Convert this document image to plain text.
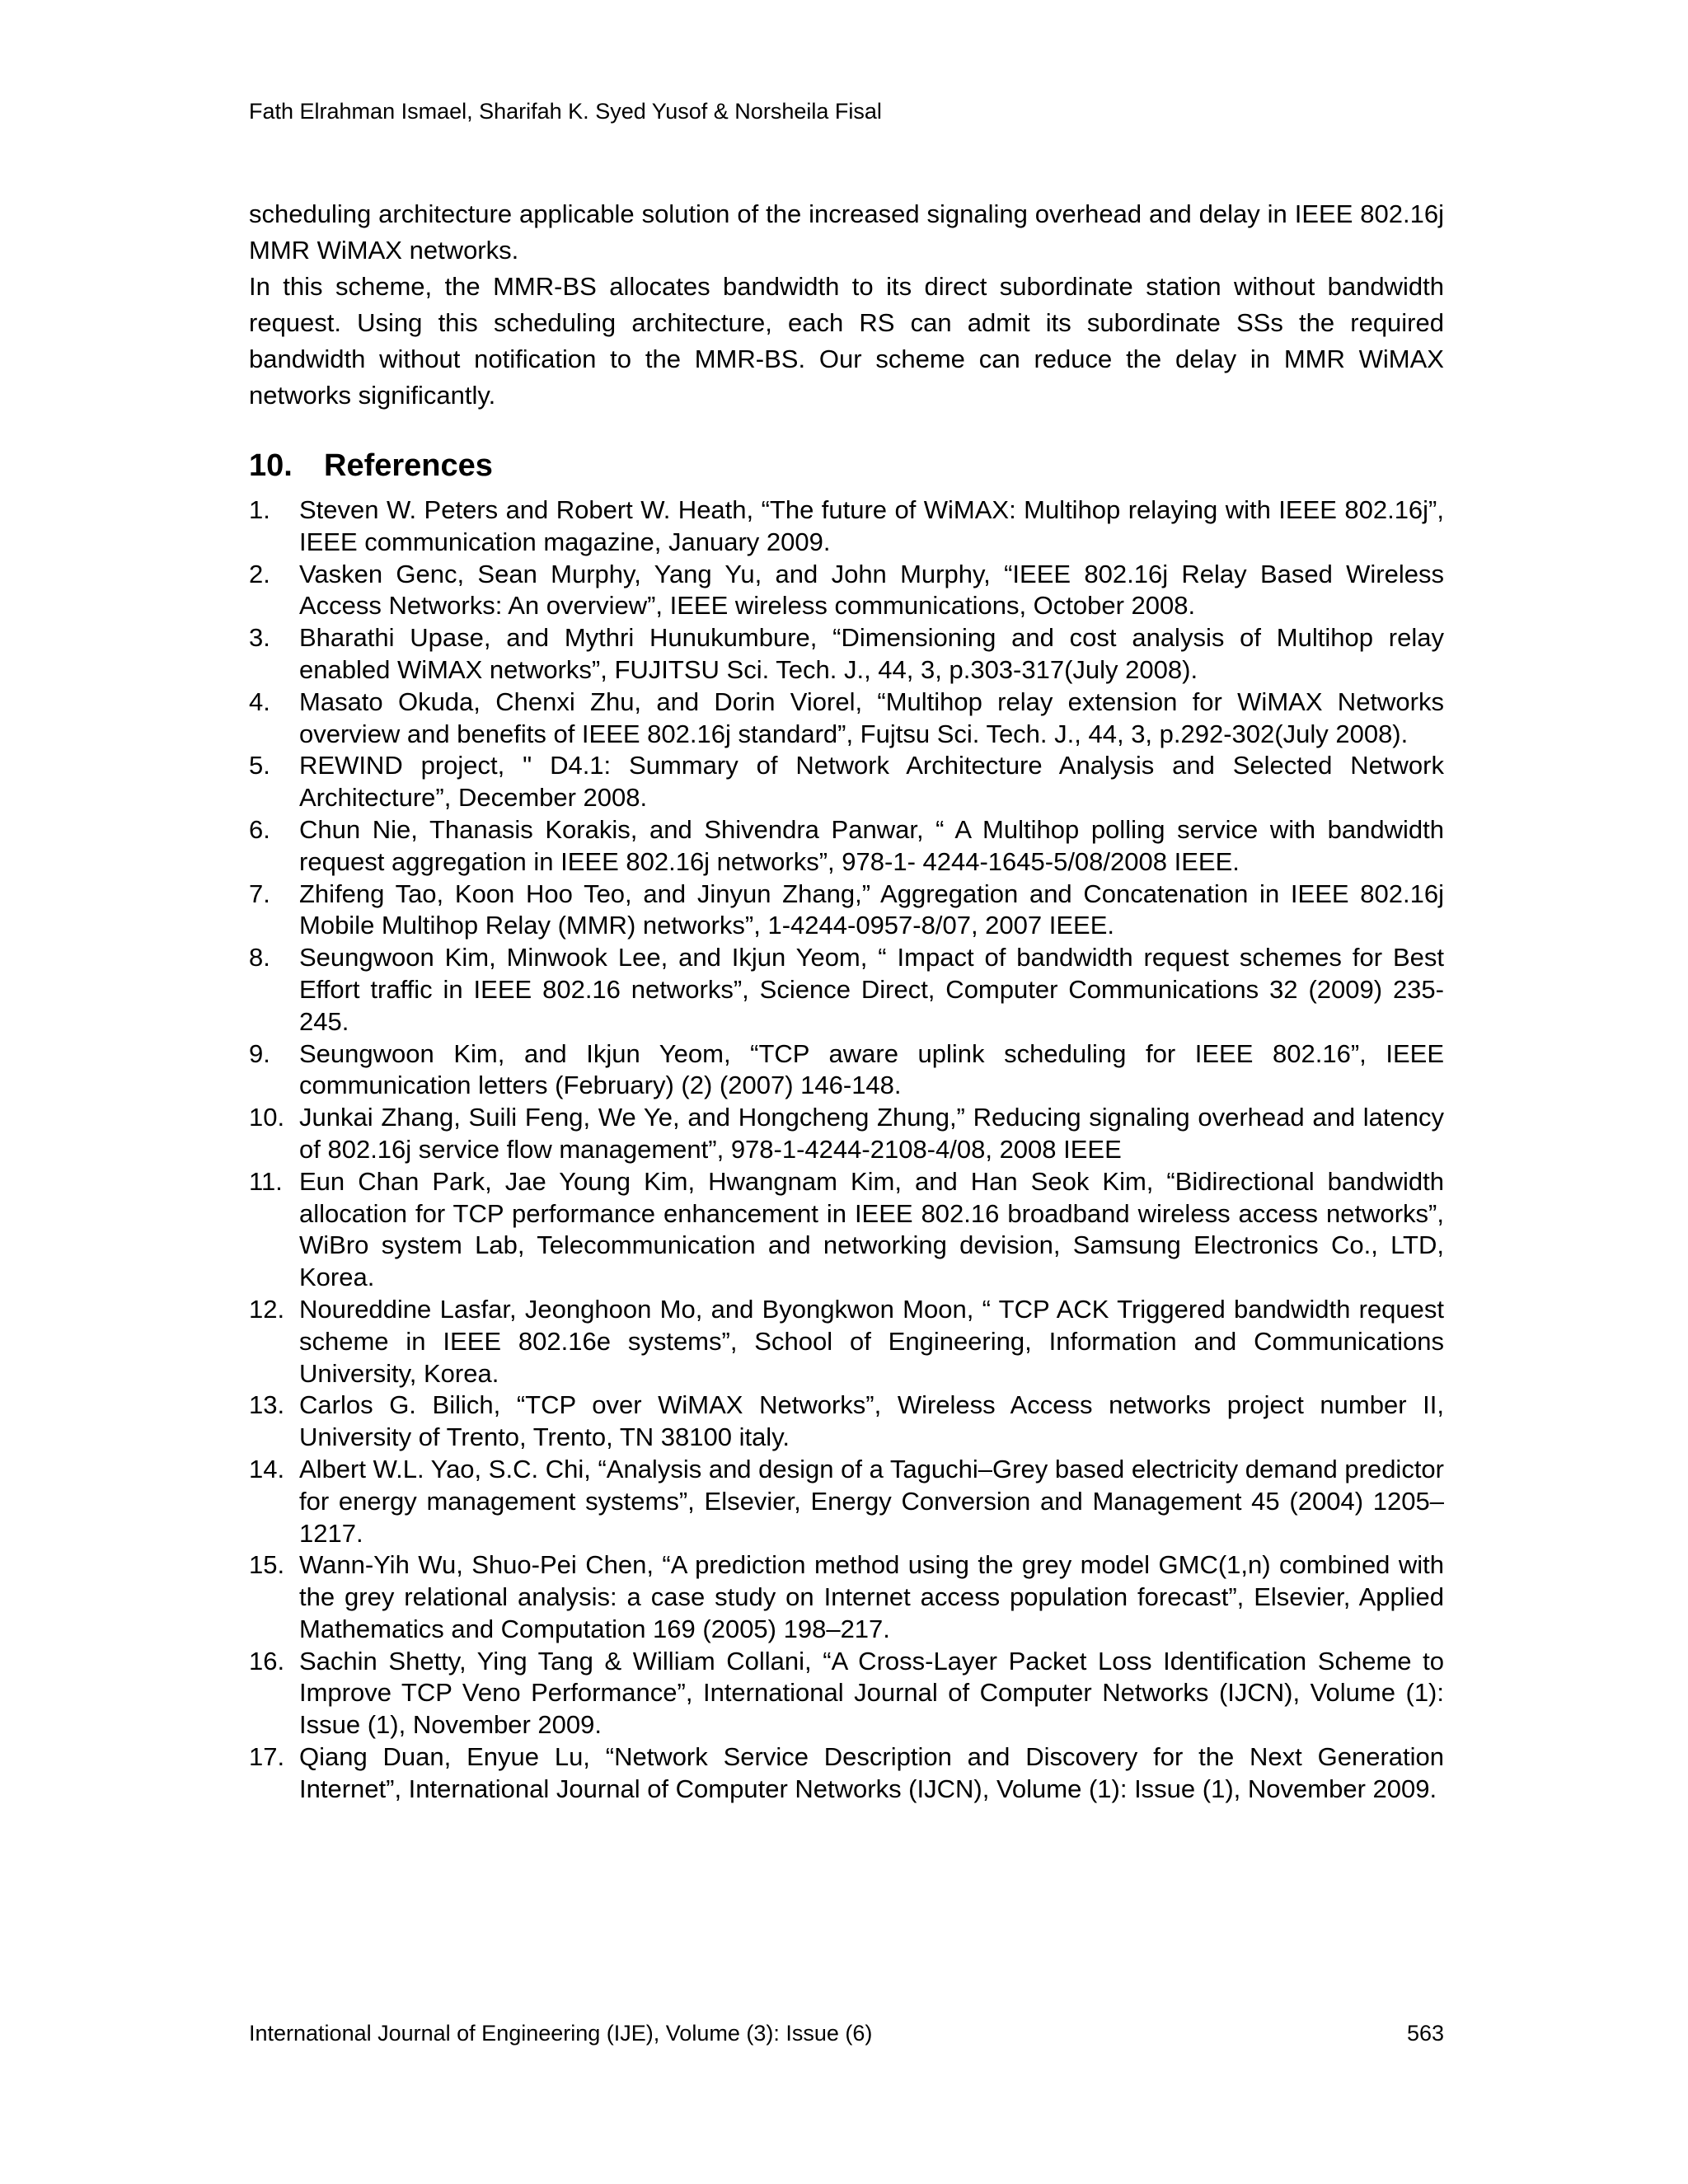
Fath Elrahman Ismael, Sharifah K. Syed Yusof & Norsheila Fisal

scheduling architecture applicable solution of the increased signaling overhead and delay in IEEE 802.16j MMR WiMAX networks.

In this scheme, the MMR-BS allocates bandwidth to its direct subordinate station without bandwidth request. Using this scheduling architecture, each RS can admit its subordinate SSs the required bandwidth without notification to the MMR-BS. Our scheme can reduce the delay in MMR WiMAX networks significantly.

10. References
1. Steven W. Peters and Robert W. Heath, “The future of WiMAX: Multihop relaying with IEEE 802.16j”, IEEE communication magazine, January 2009.
2. Vasken Genc, Sean Murphy, Yang Yu, and John Murphy, “IEEE 802.16j Relay Based Wireless Access Networks: An overview”, IEEE wireless communications, October 2008.
3. Bharathi Upase, and Mythri Hunukumbure, “Dimensioning and cost analysis of Multihop relay enabled WiMAX networks”, FUJITSU Sci. Tech. J., 44, 3, p.303-317(July 2008).
4. Masato Okuda, Chenxi Zhu, and Dorin Viorel, “Multihop relay extension for WiMAX Networks overview and benefits of IEEE 802.16j standard”, Fujtsu Sci. Tech. J., 44, 3, p.292-302(July 2008).
5. REWIND project, " D4.1: Summary of Network Architecture Analysis and Selected Network Architecture”, December 2008.
6. Chun Nie, Thanasis Korakis, and Shivendra Panwar, “ A Multihop polling service with bandwidth request aggregation in IEEE 802.16j networks”, 978-1- 4244-1645-5/08/2008 IEEE.
7. Zhifeng Tao, Koon Hoo Teo, and Jinyun Zhang,” Aggregation and Concatenation in IEEE 802.16j Mobile Multihop Relay (MMR) networks”, 1-4244-0957-8/07, 2007 IEEE.
8. Seungwoon Kim, Minwook Lee, and Ikjun Yeom, “ Impact of bandwidth request schemes for Best Effort traffic in IEEE 802.16 networks”, Science Direct, Computer Communications 32 (2009) 235-245.
9. Seungwoon Kim, and Ikjun Yeom, “TCP aware uplink scheduling for IEEE 802.16”, IEEE communication letters (February) (2) (2007) 146-148.
10. Junkai Zhang, Suili Feng, We Ye, and Hongcheng Zhung,” Reducing signaling overhead and latency of 802.16j service flow management”, 978-1-4244-2108-4/08, 2008 IEEE
11. Eun Chan Park, Jae Young Kim, Hwangnam Kim, and Han Seok Kim, “Bidirectional bandwidth allocation for TCP performance enhancement in IEEE 802.16 broadband wireless access networks”, WiBro system Lab, Telecommunication and networking devision, Samsung Electronics Co., LTD, Korea.
12. Noureddine Lasfar, Jeonghoon Mo, and Byongkwon Moon, “ TCP ACK Triggered bandwidth request scheme in IEEE 802.16e systems”, School of Engineering, Information and Communications University, Korea.
13. Carlos G. Bilich, “TCP over WiMAX Networks”, Wireless Access networks project number II, University of Trento, Trento, TN 38100 italy.
14. Albert W.L. Yao, S.C. Chi, “Analysis and design of a Taguchi–Grey based electricity demand predictor for energy management systems”, Elsevier, Energy Conversion and Management 45 (2004) 1205–1217.
15. Wann-Yih Wu, Shuo-Pei Chen, “A prediction method using the grey model GMC(1,n) combined with the grey relational analysis: a case study on Internet access population forecast”, Elsevier, Applied Mathematics and Computation 169 (2005) 198–217.
16. Sachin Shetty, Ying Tang & William Collani, “A Cross-Layer Packet Loss Identification Scheme to Improve TCP Veno Performance”, International Journal of Computer Networks (IJCN), Volume (1): Issue (1), November 2009.
17. Qiang Duan, Enyue Lu, “Network Service Description and Discovery for the Next Generation Internet”, International Journal of Computer Networks (IJCN), Volume (1): Issue (1), November 2009.
International Journal of Engineering (IJE), Volume (3): Issue (6)	563
